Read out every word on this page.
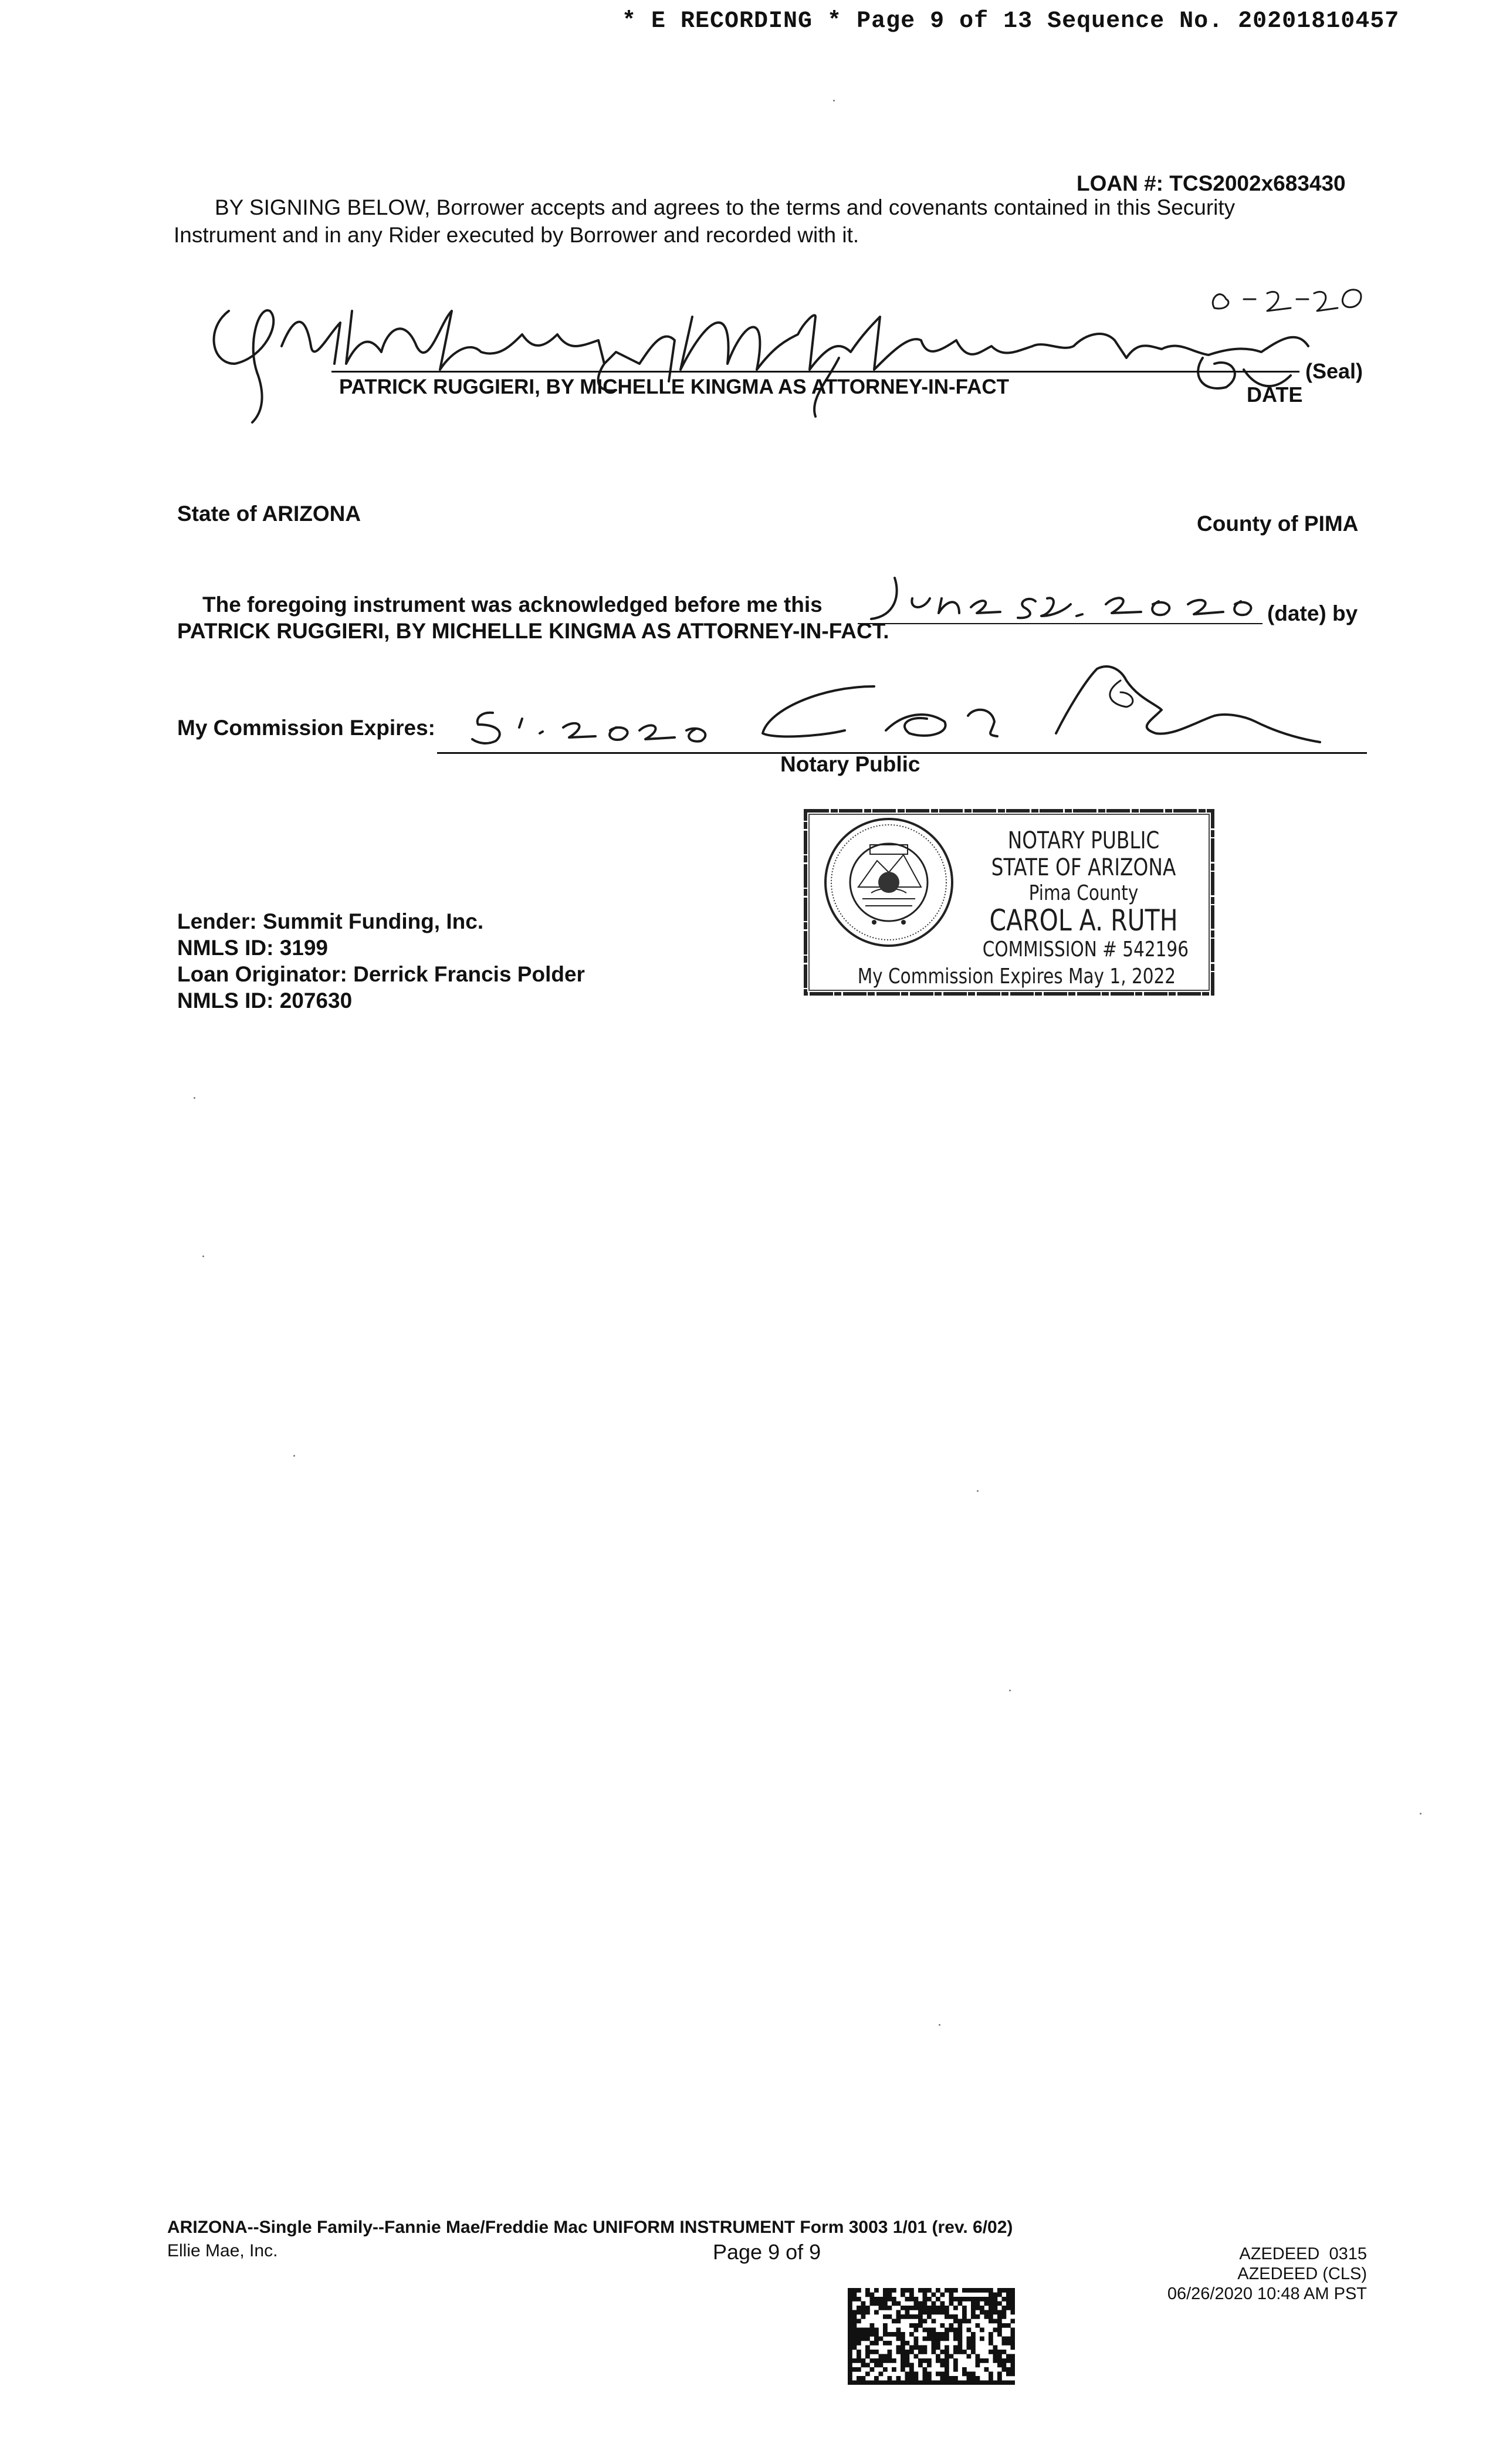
* E RECORDING * Page 9 of 13 Sequence No. 20201810457
LOAN #: TCS2002x683430
BY SIGNING BELOW, Borrower accepts and agrees to the terms and covenants contained in this Security
Instrument and in any Rider executed by Borrower and recorded with it.
PATRICK RUGGIERI, BY MICHELLE KINGMA AS ATTORNEY-IN-FACT
(Seal)
DATE
State of ARIZONA	County of PIMA
The foregoing instrument was acknowledged before me this	(date) by
PATRICK RUGGIERI, BY MICHELLE KINGMA AS ATTORNEY-IN-FACT.
My Commission Expires:
Notary Public
NOTARY PUBLIC
STATE OF ARIZONA
Pima County
CAROL A. RUTH
COMMISSION # 542196
My Commission Expires May 1, 2022
Lender: Summit Funding, Inc.
NMLS ID: 3199
Loan Originator: Derrick Francis Polder
NMLS ID: 207630
ARIZONA--Single Family--Fannie Mae/Freddie Mac UNIFORM INSTRUMENT Form 3003 1/01 (rev. 6/02)
Ellie Mae, Inc.	Page 9 of 9	AZEDEED  0315
AZEDEED (CLS)
06/26/2020 10:48 AM PST
